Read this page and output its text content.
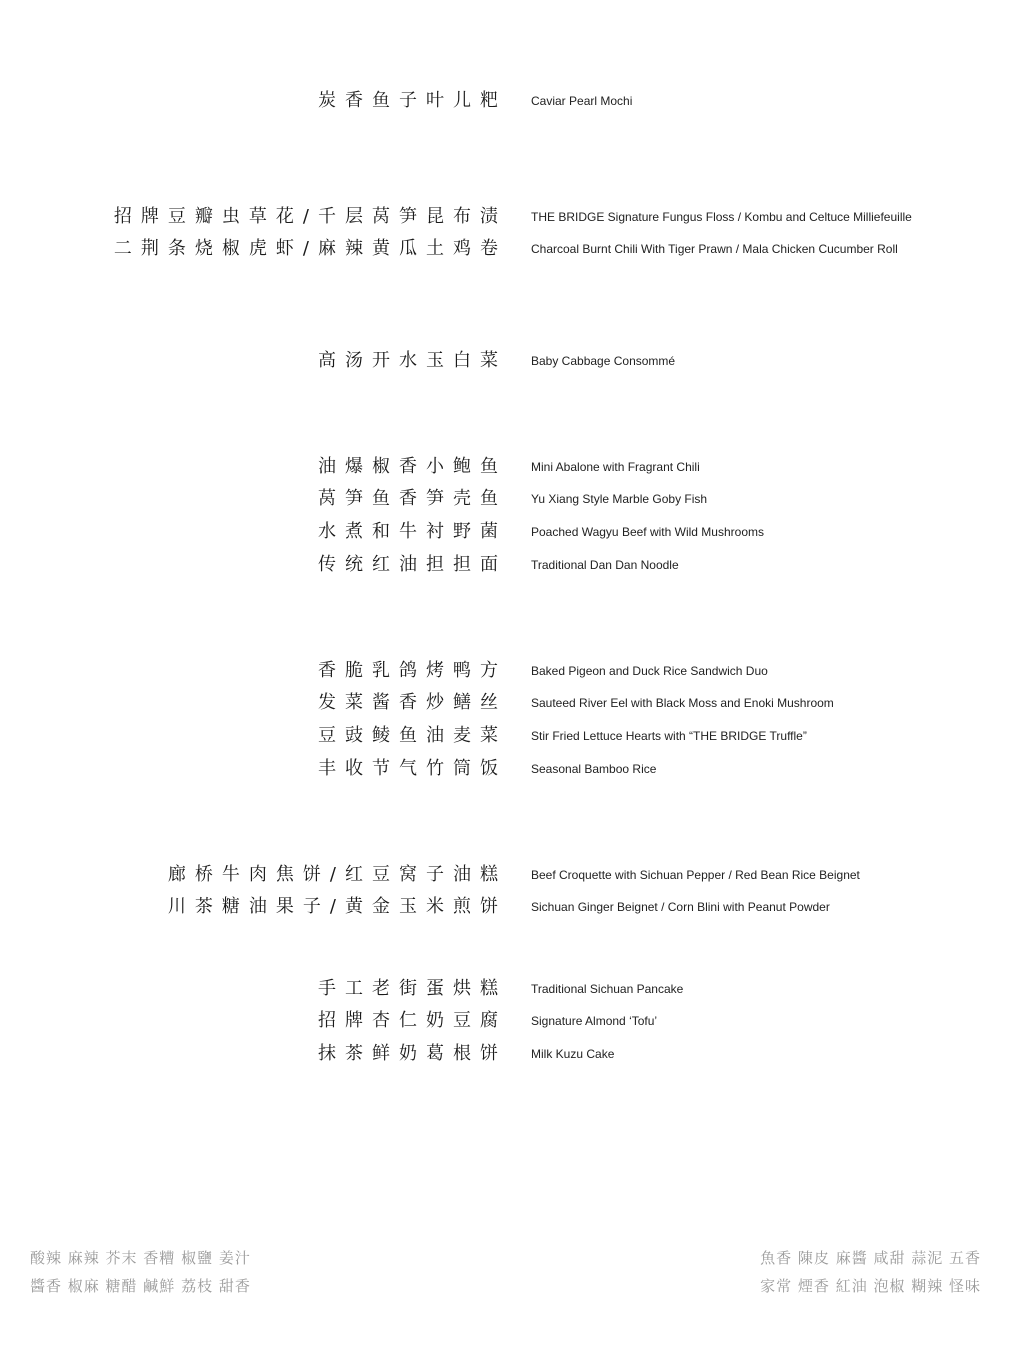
炭香鱼子叶儿粑 Caviar Pearl Mochi
招牌豆瓣虫草花/千层莴笋昆布渍 THE BRIDGE Signature Fungus Floss / Kombu and Celtuce Milliefeuille
二荆条烧椒虎虾/麻辣黄瓜土鸡卷 Charcoal Burnt Chili With Tiger Prawn / Mala Chicken Cucumber Roll
高汤开水玉白菜 Baby Cabbage Consommé
油爆椒香小鲍鱼 Mini Abalone with Fragrant Chili
莴笋鱼香笋壳鱼 Yu Xiang Style Marble Goby Fish
水煮和牛衬野菌 Poached Wagyu Beef with Wild Mushrooms
传统红油担担面 Traditional Dan Dan Noodle
香脆乳鸽烤鸭方 Baked Pigeon and Duck Rice Sandwich Duo
发菜酱香炒鳝丝 Sauteed River Eel with Black Moss and Enoki Mushroom
豆豉鲮鱼油麦菜 Stir Fried Lettuce Hearts with “THE BRIDGE Truffle”
丰收节气竹筒饭 Seasonal Bamboo Rice
廊桥牛肉焦饼/红豆窝子油糕 Beef Croquette with Sichuan Pepper / Red Bean Rice Beignet
川茶糖油果子/黄金玉米煎饼 Sichuan Ginger Beignet / Corn Blini with Peanut Powder
手工老街蛋烘糕 Traditional Sichuan Pancake
招牌杏仁奶豆腐 Signature Almond ‘Tofu’
抹茶鲜奶葛根饼 Milk Kuzu Cake
酸辣 麻辣 芥末 香糟 椒鹽 姜汁
醬香 椒麻 糖醋 鹹鮮 荔枝 甜香
魚香 陳皮 麻醬 咸甜 蒜泥 五香
家常 煙香 紅油 泡椒 糊辣 怪味
